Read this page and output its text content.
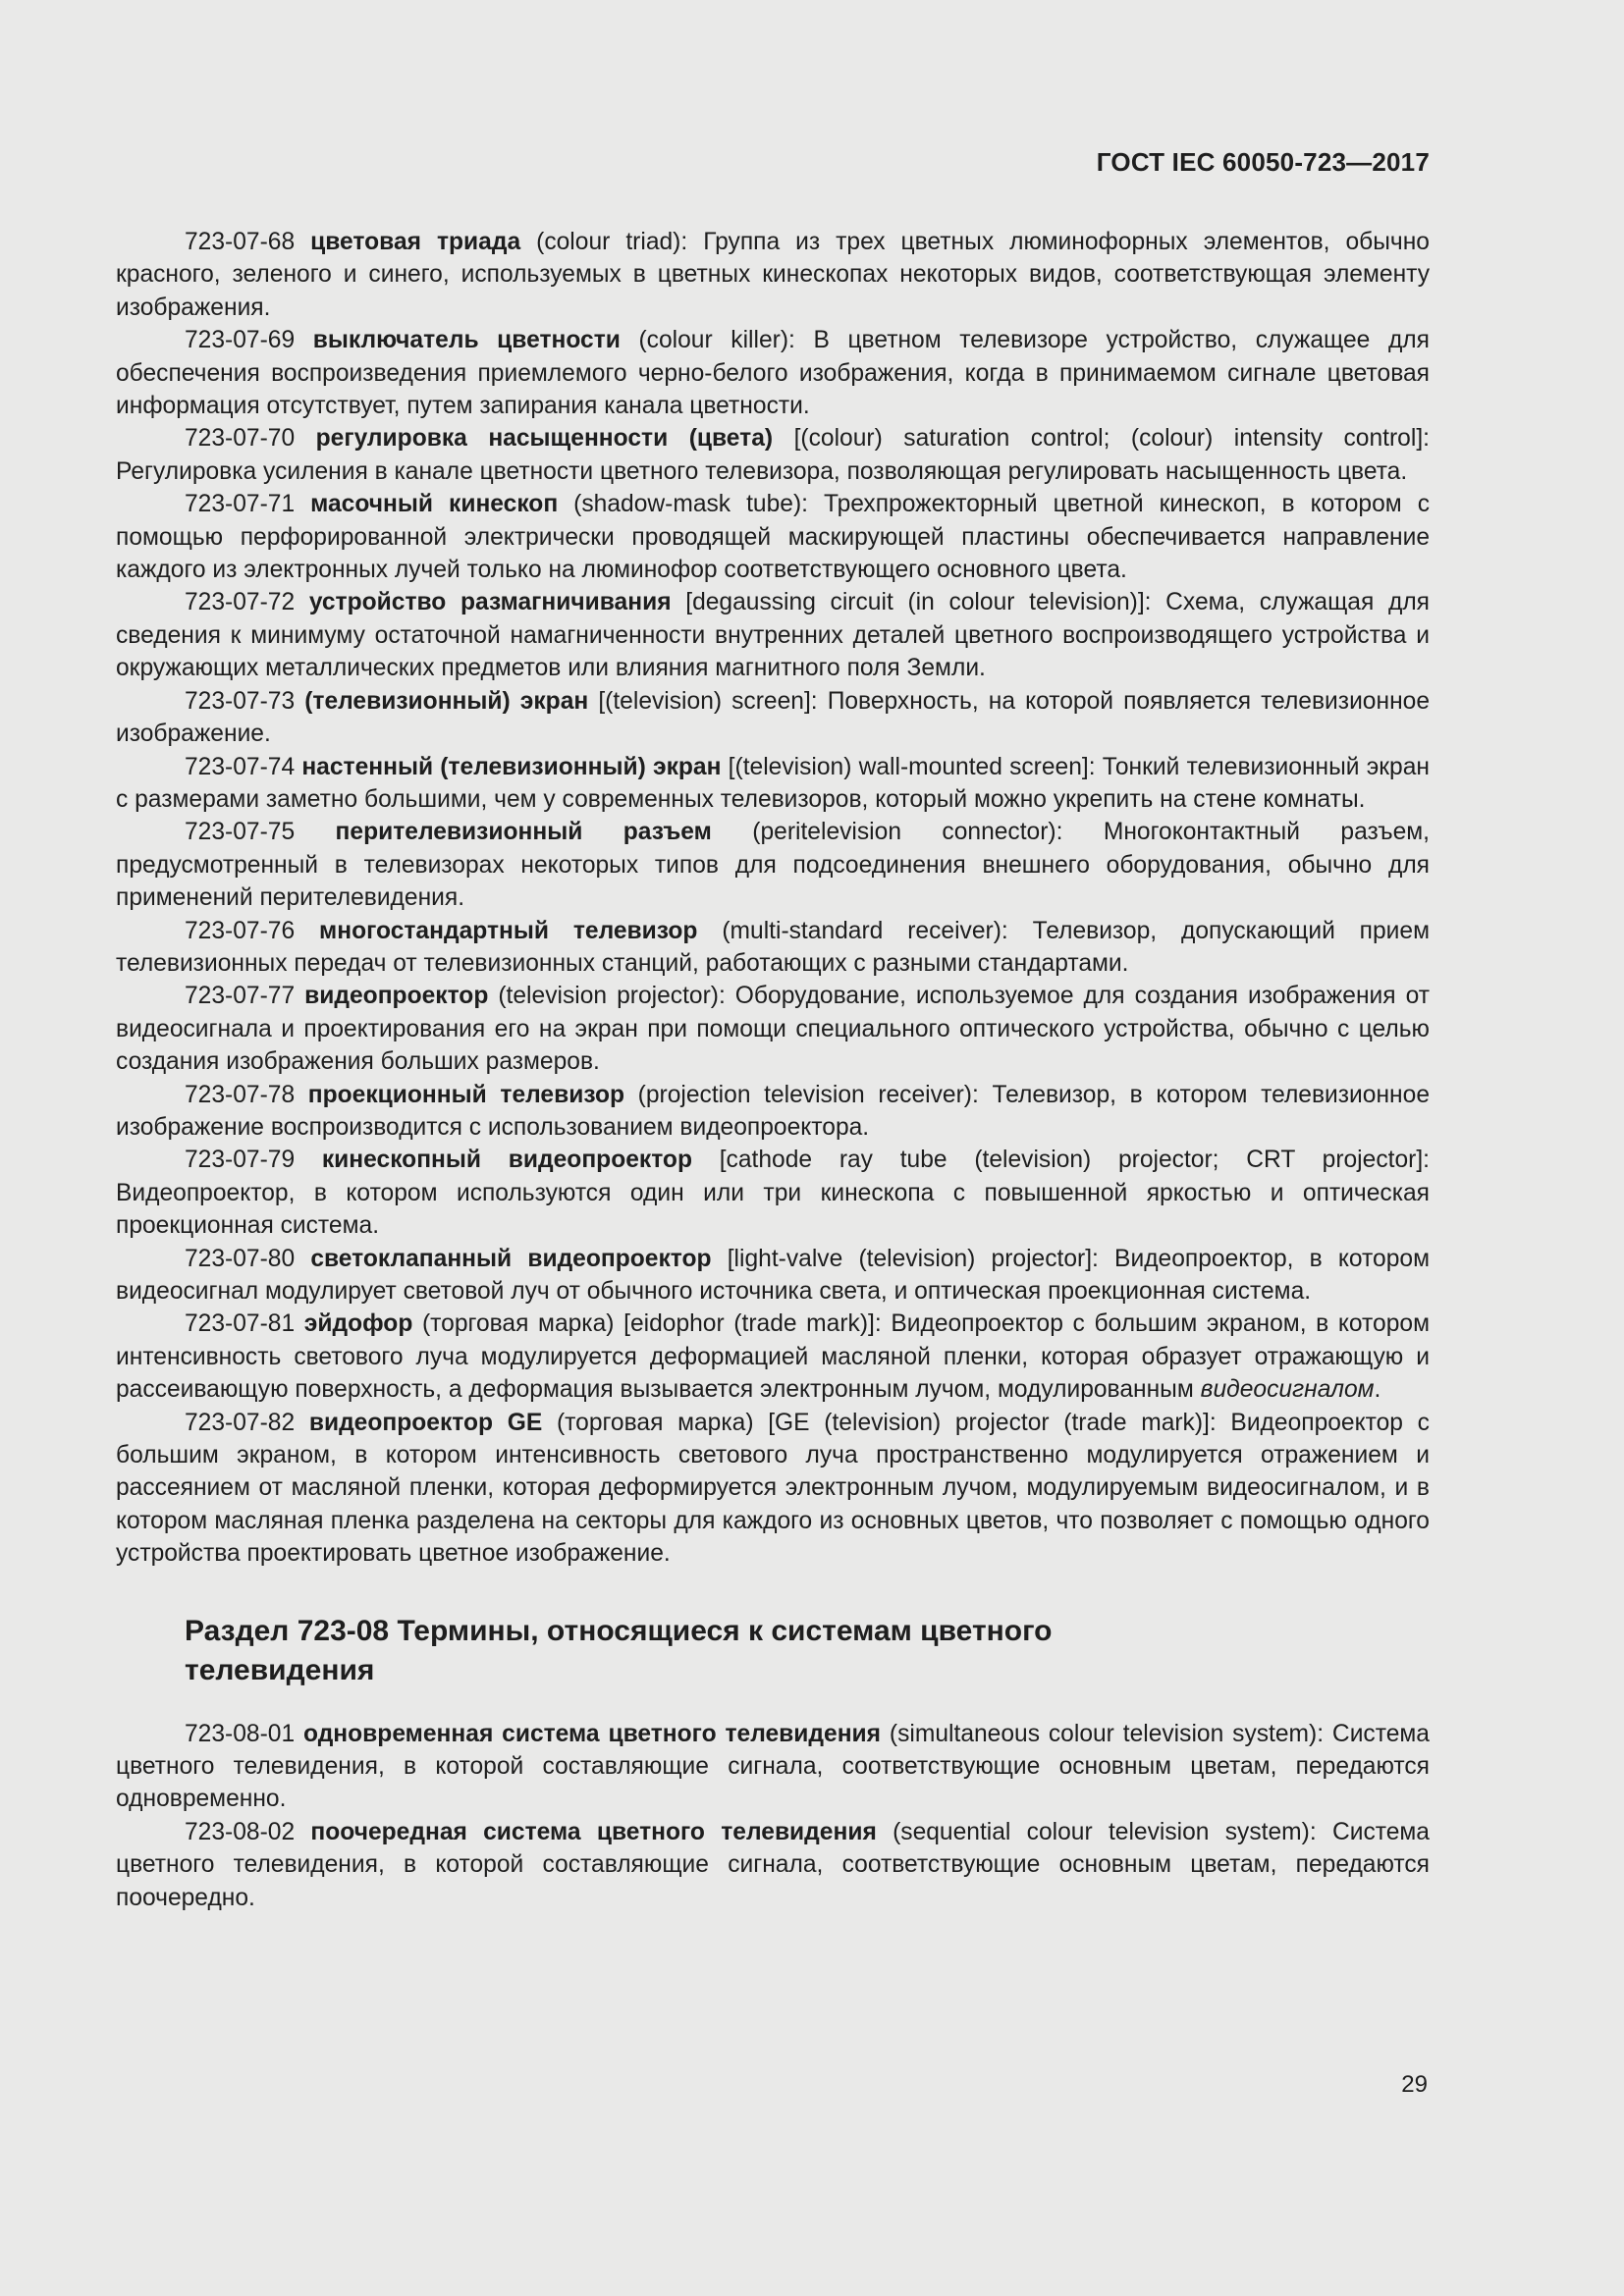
ГОСТ IEC 60050-723—2017

723-07-68 цветовая триада (colour triad): Группа из трех цветных люминофорных элементов, обычно красного, зеленого и синего, используемых в цветных кинескопах некоторых видов, соответствующая элементу изображения.

723-07-69 выключатель цветности (colour killer): В цветном телевизоре устройство, служащее для обеспечения воспроизведения приемлемого черно-белого изображения, когда в принимаемом сигнале цветовая информация отсутствует, путем запирания канала цветности.

723-07-70 регулировка насыщенности (цвета) [(colour) saturation control; (colour) intensity control]: Регулировка усиления в канале цветности цветного телевизора, позволяющая регулировать насыщенность цвета.

723-07-71 масочный кинескоп (shadow-mask tube): Трехпрожекторный цветной кинескоп, в котором с помощью перфорированной электрически проводящей маскирующей пластины обеспечивается направление каждого из электронных лучей только на люминофор соответствующего основного цвета.

723-07-72 устройство размагничивания [degaussing circuit (in colour television)]: Схема, служащая для сведения к минимуму остаточной намагниченности внутренних деталей цветного воспроизводящего устройства и окружающих металлических предметов или влияния магнитного поля Земли.

723-07-73 (телевизионный) экран [(television) screen]: Поверхность, на которой появляется телевизионное изображение.

723-07-74 настенный (телевизионный) экран [(television) wall-mounted screen]: Тонкий телевизионный экран с размерами заметно большими, чем у современных телевизоров, который можно укрепить на стене комнаты.

723-07-75 перителевизионный разъем (peritelevision connector): Многоконтактный разъем, предусмотренный в телевизорах некоторых типов для подсоединения внешнего оборудования, обычно для применений перителевидения.

723-07-76 многостандартный телевизор (multi-standard receiver): Телевизор, допускающий прием телевизионных передач от телевизионных станций, работающих с разными стандартами.

723-07-77 видеопроектор (television projector): Оборудование, используемое для создания изображения от видеосигнала и проектирования его на экран при помощи специального оптического устройства, обычно с целью создания изображения больших размеров.

723-07-78 проекционный телевизор (projection television receiver): Телевизор, в котором телевизионное изображение воспроизводится с использованием видеопроектора.

723-07-79 кинескопный видеопроектор [cathode ray tube (television) projector; CRT projector]: Видеопроектор, в котором используются один или три кинескопа с повышенной яркостью и оптическая проекционная система.

723-07-80 светоклапанный видеопроектор [light-valve (television) projector]: Видеопроектор, в котором видеосигнал модулирует световой луч от обычного источника света, и оптическая проекционная система.

723-07-81 эйдофор (торговая марка) [eidophor (trade mark)]: Видеопроектор с большим экраном, в котором интенсивность светового луча модулируется деформацией масляной пленки, которая образует отражающую и рассеивающую поверхность, а деформация вызывается электронным лучом, модулированным видеосигналом.

723-07-82 видеопроектор GE (торговая марка) [GE (television) projector (trade mark)]: Видеопроектор с большим экраном, в котором интенсивность светового луча пространственно модулируется отражением и рассеянием от масляной пленки, которая деформируется электронным лучом, модулируемым видеосигналом, и в котором масляная пленка разделена на секторы для каждого из основных цветов, что позволяет с помощью одного устройства проектировать цветное изображение.

Раздел 723-08 Термины, относящиеся к системам цветного телевидения

723-08-01 одновременная система цветного телевидения (simultaneous colour television system): Система цветного телевидения, в которой составляющие сигнала, соответствующие основным цветам, передаются одновременно.

723-08-02 поочередная система цветного телевидения (sequential colour television system): Система цветного телевидения, в которой составляющие сигнала, соответствующие основным цветам, передаются поочередно.

29
